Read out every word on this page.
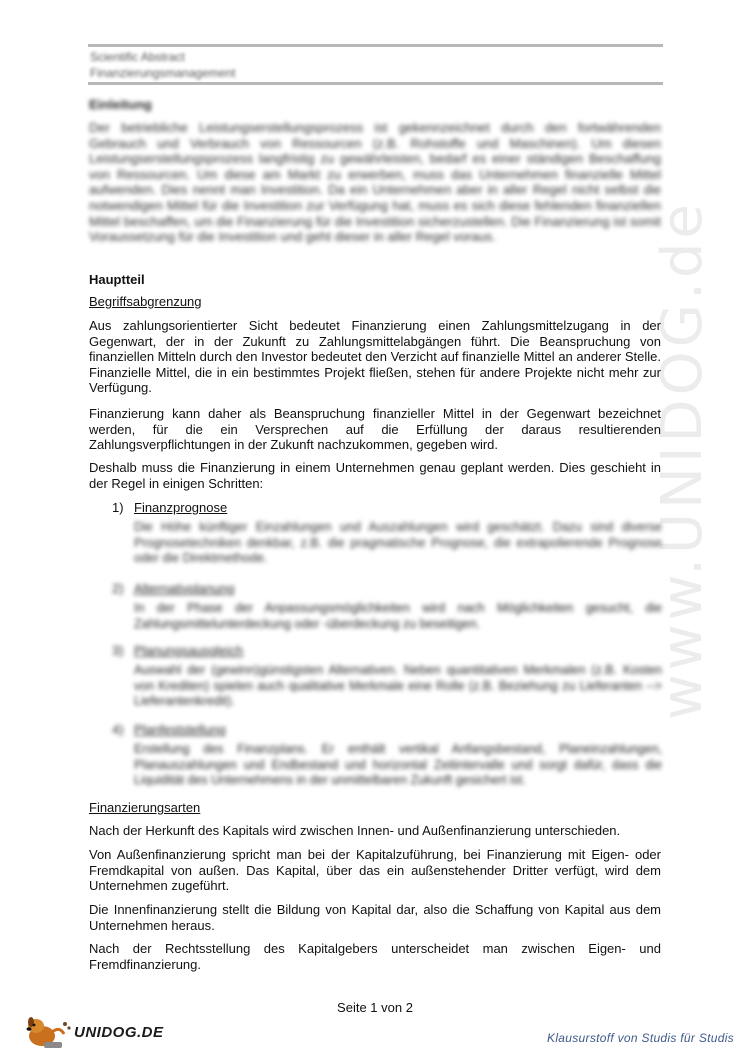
www.UNIDOG.de
Scientific Abstract
Finanzierungsmanagement

Einleitung

Der betriebliche Leistungserstellungsprozess ist gekennzeichnet durch den fortwährenden Gebrauch und Verbrauch von Ressourcen (z.B. Rohstoffe und Maschinen). Um diesen Leistungserstellungsprozess langfristig zu gewährleisten, bedarf es einer ständigen Beschaffung von Ressourcen. Um diese am Markt zu erwerben, muss das Unternehmen finanzielle Mittel aufwenden. Dies nennt man Investition. Da ein Unternehmen aber in aller Regel nicht selbst die notwendigen Mittel für die Investition zur Verfügung hat, muss es sich diese fehlenden finanziellen Mittel beschaffen, um die Finanzierung für die Investition sicherzustellen. Die Finanzierung ist somit Voraussetzung für die Investition und geht dieser in aller Regel voraus.

Hauptteil

Begriffsabgrenzung

Aus zahlungsorientierter Sicht bedeutet Finanzierung einen Zahlungsmittelzugang in der Gegenwart, der in der Zukunft zu Zahlungsmittelabgängen führt. Die Beanspruchung von finanziellen Mitteln durch den Investor bedeutet den Verzicht auf finanzielle Mittel an anderer Stelle. Finanzielle Mittel, die in ein bestimmtes Projekt fließen, stehen für andere Projekte nicht mehr zur Verfügung.

Finanzierung kann daher als Beanspruchung finanzieller Mittel in der Gegenwart bezeichnet werden, für die ein Versprechen auf die Erfüllung der daraus resultierenden Zahlungsverpflichtungen in der Zukunft nachzukommen, gegeben wird.

Deshalb muss die Finanzierung in einem Unternehmen genau geplant werden. Dies geschieht in der Regel in einigen Schritten:

1) Finanzprognose
Die Höhe künftiger Einzahlungen und Auszahlungen wird geschätzt. Dazu sind diverse Prognosetechniken denkbar, z.B. die pragmatische Prognose, die extrapolierende Prognose oder die Direktmethode.
2) Alternativplanung
In der Phase der Anpassungsmöglichkeiten wird nach Möglichkeiten gesucht, die Zahlungsmittelunterdeckung oder -überdeckung zu beseitigen.
3) Planungsausgleich
Auswahl der (gewinn)günstigsten Alternativen. Neben quantitativen Merkmalen (z.B. Kosten von Krediten) spielen auch qualitative Merkmale eine Rolle (z.B. Beziehung zu Lieferanten --> Lieferantenkredit).
4) Planfeststellung
Erstellung des Finanzplans. Er enthält vertikal Anfangsbestand, Planeinzahlungen, Planauszahlungen und Endbestand und horizontal Zeitintervalle und sorgt dafür, dass die Liquidität des Unternehmens in der unmittelbaren Zukunft gesichert ist.

Finanzierungsarten

Nach der Herkunft des Kapitals wird zwischen Innen- und Außenfinanzierung unterschieden.

Von Außenfinanzierung spricht man bei der Kapitalzuführung, bei Finanzierung mit Eigen- oder Fremdkapital von außen. Das Kapital, über das ein außenstehender Dritter verfügt, wird dem Unternehmen zugeführt.

Die Innenfinanzierung stellt die Bildung von Kapital dar, also die Schaffung von Kapital aus dem Unternehmen heraus.

Nach der Rechtsstellung des Kapitalgebers unterscheidet man zwischen Eigen- und Fremdfinanzierung.

Seite 1 von 2
UNIDOG.DE	Klausurstoff von Studis für Studis
